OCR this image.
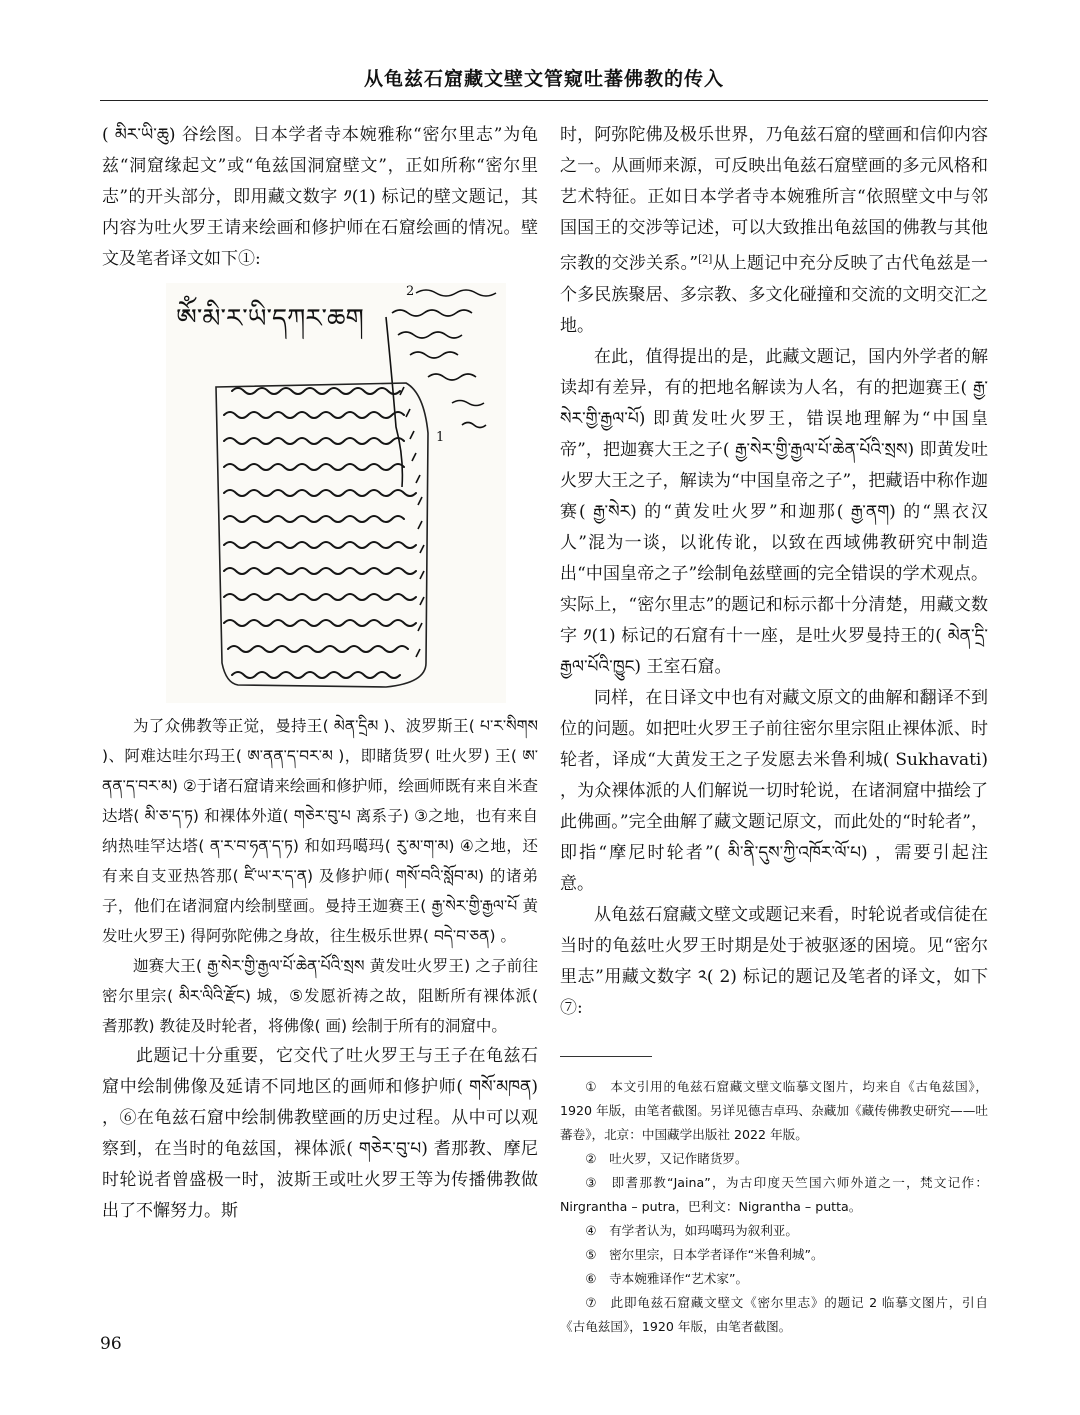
从龟兹石窟藏文壁文管窥吐蕃佛教的传入

( མིར་ཡི་ཆུ) 谷绘图。日本学者寺本婉雅称“密尔里志”为龟兹“洞窟缘起文”或“龟兹国洞窟壁文”，正如所称“密尔里志”的开头部分，即用藏文数字 ༡(1) 标记的壁文题记，其内容为吐火罗王请来绘画和修护师在石窟绘画的情况。壁文及笔者译文如下①:

ཨོཾ་མི་ར་ཡི་དཀར་ཆག
2
1

为了众佛教等正觉，曼持王( མེན་དྲིམ )、波罗斯王( པ་ར་སིགས )、阿难达哇尔玛王( ཨ་ནན་ད་བར་མ )，即睹货罗( 吐火罗) 王( ཨ་ནན་ད་བར་མ) ②于诸石窟请来绘画和修护师，绘画师既有来自米查达塔( མི་ཅ་ད་ཏ) 和裸体外道( གཅེར་བུ་པ 离系子) ③之地，也有来自纳热哇罕达塔( ན་ར་བ་ཧན་ད་ཏ) 和如玛噶玛( རུ་མ་ག་མ) ④之地，还有来自支亚热答那( ཛི་ཡ་ར་ད་ན) 及修护师( གསོ་བའི་སློབ་མ) 的诸弟子，他们在诸洞窟内绘制壁画。曼持王迦赛王( རྒྱ་སེར་གྱི་རྒྱལ་པོ 黄发吐火罗王) 得阿弥陀佛之身故，往生极乐世界( བདེ་བ་ཅན) 。

迦赛大王( རྒྱ་སེར་གྱི་རྒྱལ་པོ་ཆེན་པོའི་སྲས 黄发吐火罗王) 之子前往密尔里宗( མིར་ལིའི་རྫོང) 城，⑤发愿祈祷之故，阻断所有裸体派( 耆那教) 教徒及时轮者，将佛像( 画) 绘制于所有的洞窟中。

此题记十分重要，它交代了吐火罗王与王子在龟兹石窟中绘制佛像及延请不同地区的画师和修护师( གསོ་མཁན) ，⑥在龟兹石窟中绘制佛教壁画的历史过程。从中可以观察到，在当时的龟兹国，裸体派( གཅེར་བུ་པ) 耆那教、摩尼时轮说者曾盛极一时，波斯王或吐火罗王等为传播佛教做出了不懈努力。斯

时，阿弥陀佛及极乐世界，乃龟兹石窟的壁画和信仰内容之一。从画师来源，可反映出龟兹石窟壁画的多元风格和艺术特征。正如日本学者寺本婉雅所言“依照壁文中与邻国国王的交涉等记述，可以大致推出龟兹国的佛教与其他宗教的交涉关系。”[2]从上题记中充分反映了古代龟兹是一个多民族聚居、多宗教、多文化碰撞和交流的文明交汇之地。

在此，值得提出的是，此藏文题记，国内外学者的解读却有差异，有的把地名解读为人名，有的把迦赛王( རྒྱ་སེར་གྱི་རྒྱལ་པོ) 即黄发吐火罗王，错误地理解为“中国皇帝”，把迦赛大王之子( རྒྱ་སེར་གྱི་རྒྱལ་པོ་ཆེན་པོའི་སྲས) 即黄发吐火罗大王之子，解读为“中国皇帝之子”，把藏语中称作迦赛( རྒྱ་སེར) 的“黄发吐火罗”和迦那( རྒྱ་ནག) 的“黑衣汉人”混为一谈，以讹传讹，以致在西域佛教研究中制造出“中国皇帝之子”绘制龟兹壁画的完全错误的学术观点。实际上，“密尔里志”的题记和标示都十分清楚，用藏文数字 ༡(1) 标记的石窟有十一座，是吐火罗曼持王的( མེན་དྲི་རྒྱལ་པོའི་ཁྱུང) 王室石窟。

同样，在日译文中也有对藏文原文的曲解和翻译不到位的问题。如把吐火罗王子前往密尔里宗阻止裸体派、时轮者，译成“大黄发王之子发愿去米鲁利城( Sukhavati) ，为众裸体派的人们解说一切时轮说，在诸洞窟中描绘了此佛画。”完全曲解了藏文题记原文，而此处的“时轮者”，即指“摩尼时轮者”( མི་ནི་དུས་ཀྱི་འཁོར་ལོ་པ) ，需要引起注意。

从龟兹石窟藏文壁文或题记来看，时轮说者或信徒在当时的龟兹吐火罗王时期是处于被驱逐的困境。见“密尔里志”用藏文数字 ༢( 2) 标记的题记及笔者的译文，如下⑦:

①　本文引用的龟兹石窟藏文壁文临摹文图片，均来自《古龟兹国》，1920 年版，由笔者截图。另详见德吉卓玛、杂藏加《藏传佛教史研究——吐蕃卷》，北京：中国藏学出版社 2022 年版。

②　吐火罗，又记作睹货罗。

③　即耆那教“Jaina”，为古印度天竺国六师外道之一，梵文记作：Nirgrantha – putra，巴利文：Nigrantha – putta。

④　有学者认为，如玛噶玛为叙利亚。

⑤　密尔里宗，日本学者译作“米鲁利城”。

⑥　寺本婉雅译作“艺术家”。

⑦　此即龟兹石窟藏文壁文《密尔里志》的题记 2 临摹文图片，引自《古龟兹国》，1920 年版，由笔者截图。

96
